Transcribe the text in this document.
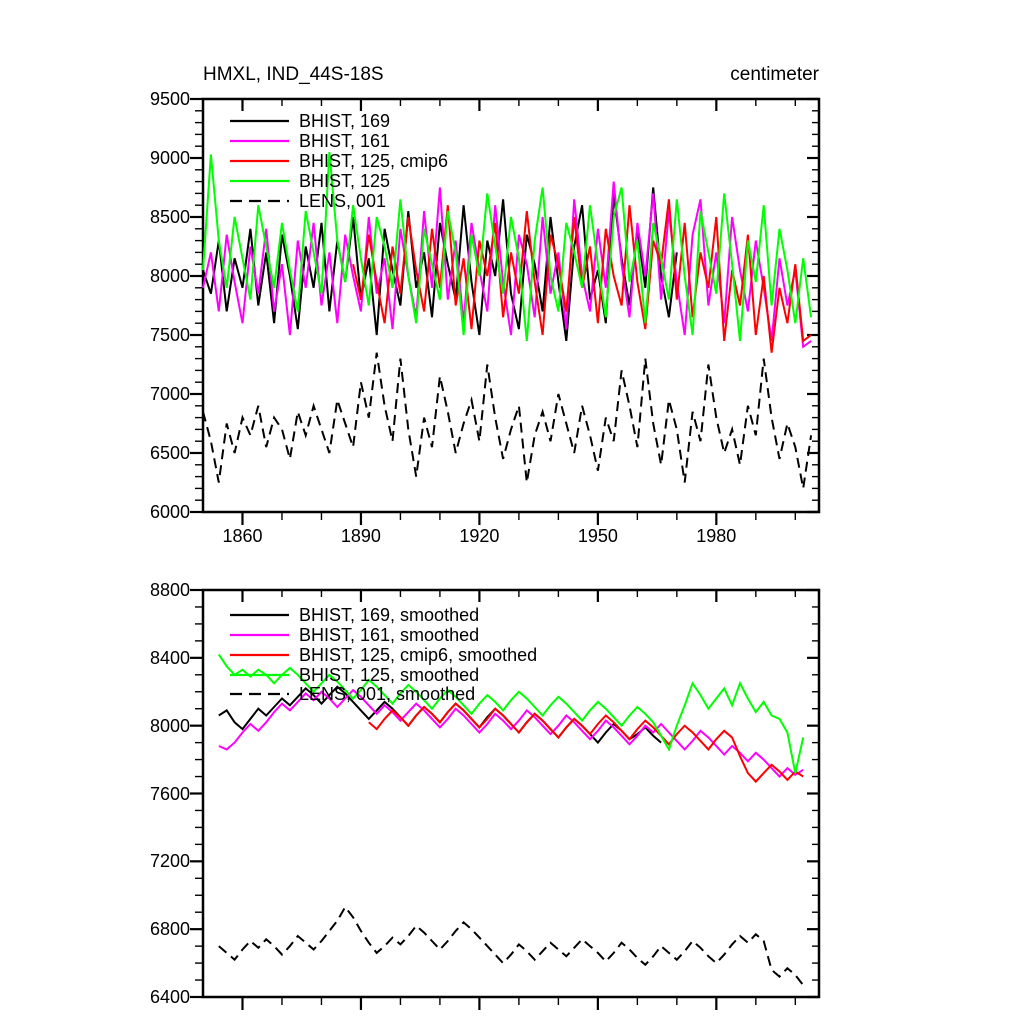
HMXL, IND_44S-18S	centimeter
1860	1890	1920	1950	1980
6000
6500
7000
7500
8000
8500
9000
9500
BHIST, 169
BHIST, 161
BHIST, 125, cmip6
BHIST, 125
LENS, 001
6400
6800
7200
7600
8000
8400
8800
BHIST, 169, smoothed
BHIST, 161, smoothed
BHIST, 125, cmip6, smoothed
BHIST, 125, smoothed
LENS, 001, smoothed
